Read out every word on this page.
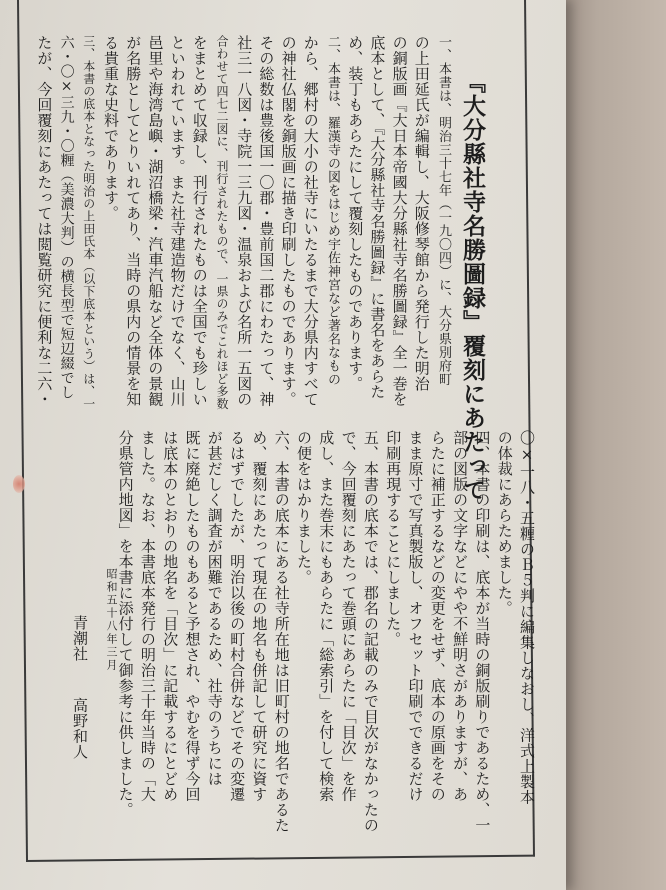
『大分縣社寺名勝圖録』覆刻にあたって
一、本書は、明治三十七年（一九〇四）に、大分県別府町
の上田延氏が編輯し、大阪修琴館から発行した明治
の銅版画『大日本帝國大分縣社寺名勝圖録』全一巻を
底本として、『大分縣社寺名勝圖録』に書名をあらた
め、装丁もあらたにして覆刻したものであります。
二、本書は、羅漢寺の図をはじめ宇佐神宮など著名なもの
から、郷村の大小の社寺にいたるまで大分県内すべて
の神社仏閣を銅版画に描き印刷したものであります。
その総数は豊後国一〇郡・豊前国二郡にわたって、神
社三一八図・寺院一三九図・温泉および名所一五図の
合わせて四七二図に、刊行されたもので、一県のみでこれほど多数
をまとめて収録し、刊行されたものは全国でも珍しい
といわれています。また社寺建造物だけでなく、山川
邑里や海湾島嶼・湖沼橋梁・汽車汽船など全体の景観
が名勝としてとりいれてあり、当時の県内の情景を知
る貴重な史料であります。
三、本書の底本となった明治の上田氏本（以下底本という）は、一
六・〇×三九・〇糎（美濃大判）の横長型で短辺綴でし
たが、今回覆刻にあたっては閲覧研究に便利な二六・
〇×一八・五糎のＢ５判に編集しなおし、洋式上製本
の体裁にあらためました。
四、本書の印刷は、底本が当時の銅版刷りであるため、一
部の図版の文字などにやや不鮮明さがありますが、あ
らたに補正するなどの変更をせず、底本の原画をその
まま原寸で写真製版し、オフセット印刷でできるだけ
印刷再現することにしました。
五、本書の底本では、郡名の記載のみで目次がなかったの
で、今回覆刻にあたって巻頭にあらたに「目次」を作
成し、また巻末にもあらたに「総索引」を付して検索
の便をはかりました。
六、本書の底本にある社寺所在地は旧町村の地名であるた
め、覆刻にあたって現在の地名も併記して研究に資す
るはずでしたが、明治以後の町村合併などでその変遷
が甚だしく調査が困難であるため、社寺のうちには
既に廃絶したものもあると予想され、やむを得ず今回
は底本のとおりの地名を「目次」に記載するにとどめ
ました。なお、本書底本発行の明治三十年当時の「大
分県管内地図」を本書に添付して御参考に供しました。
昭和五十八年三月
青潮社高野和人
